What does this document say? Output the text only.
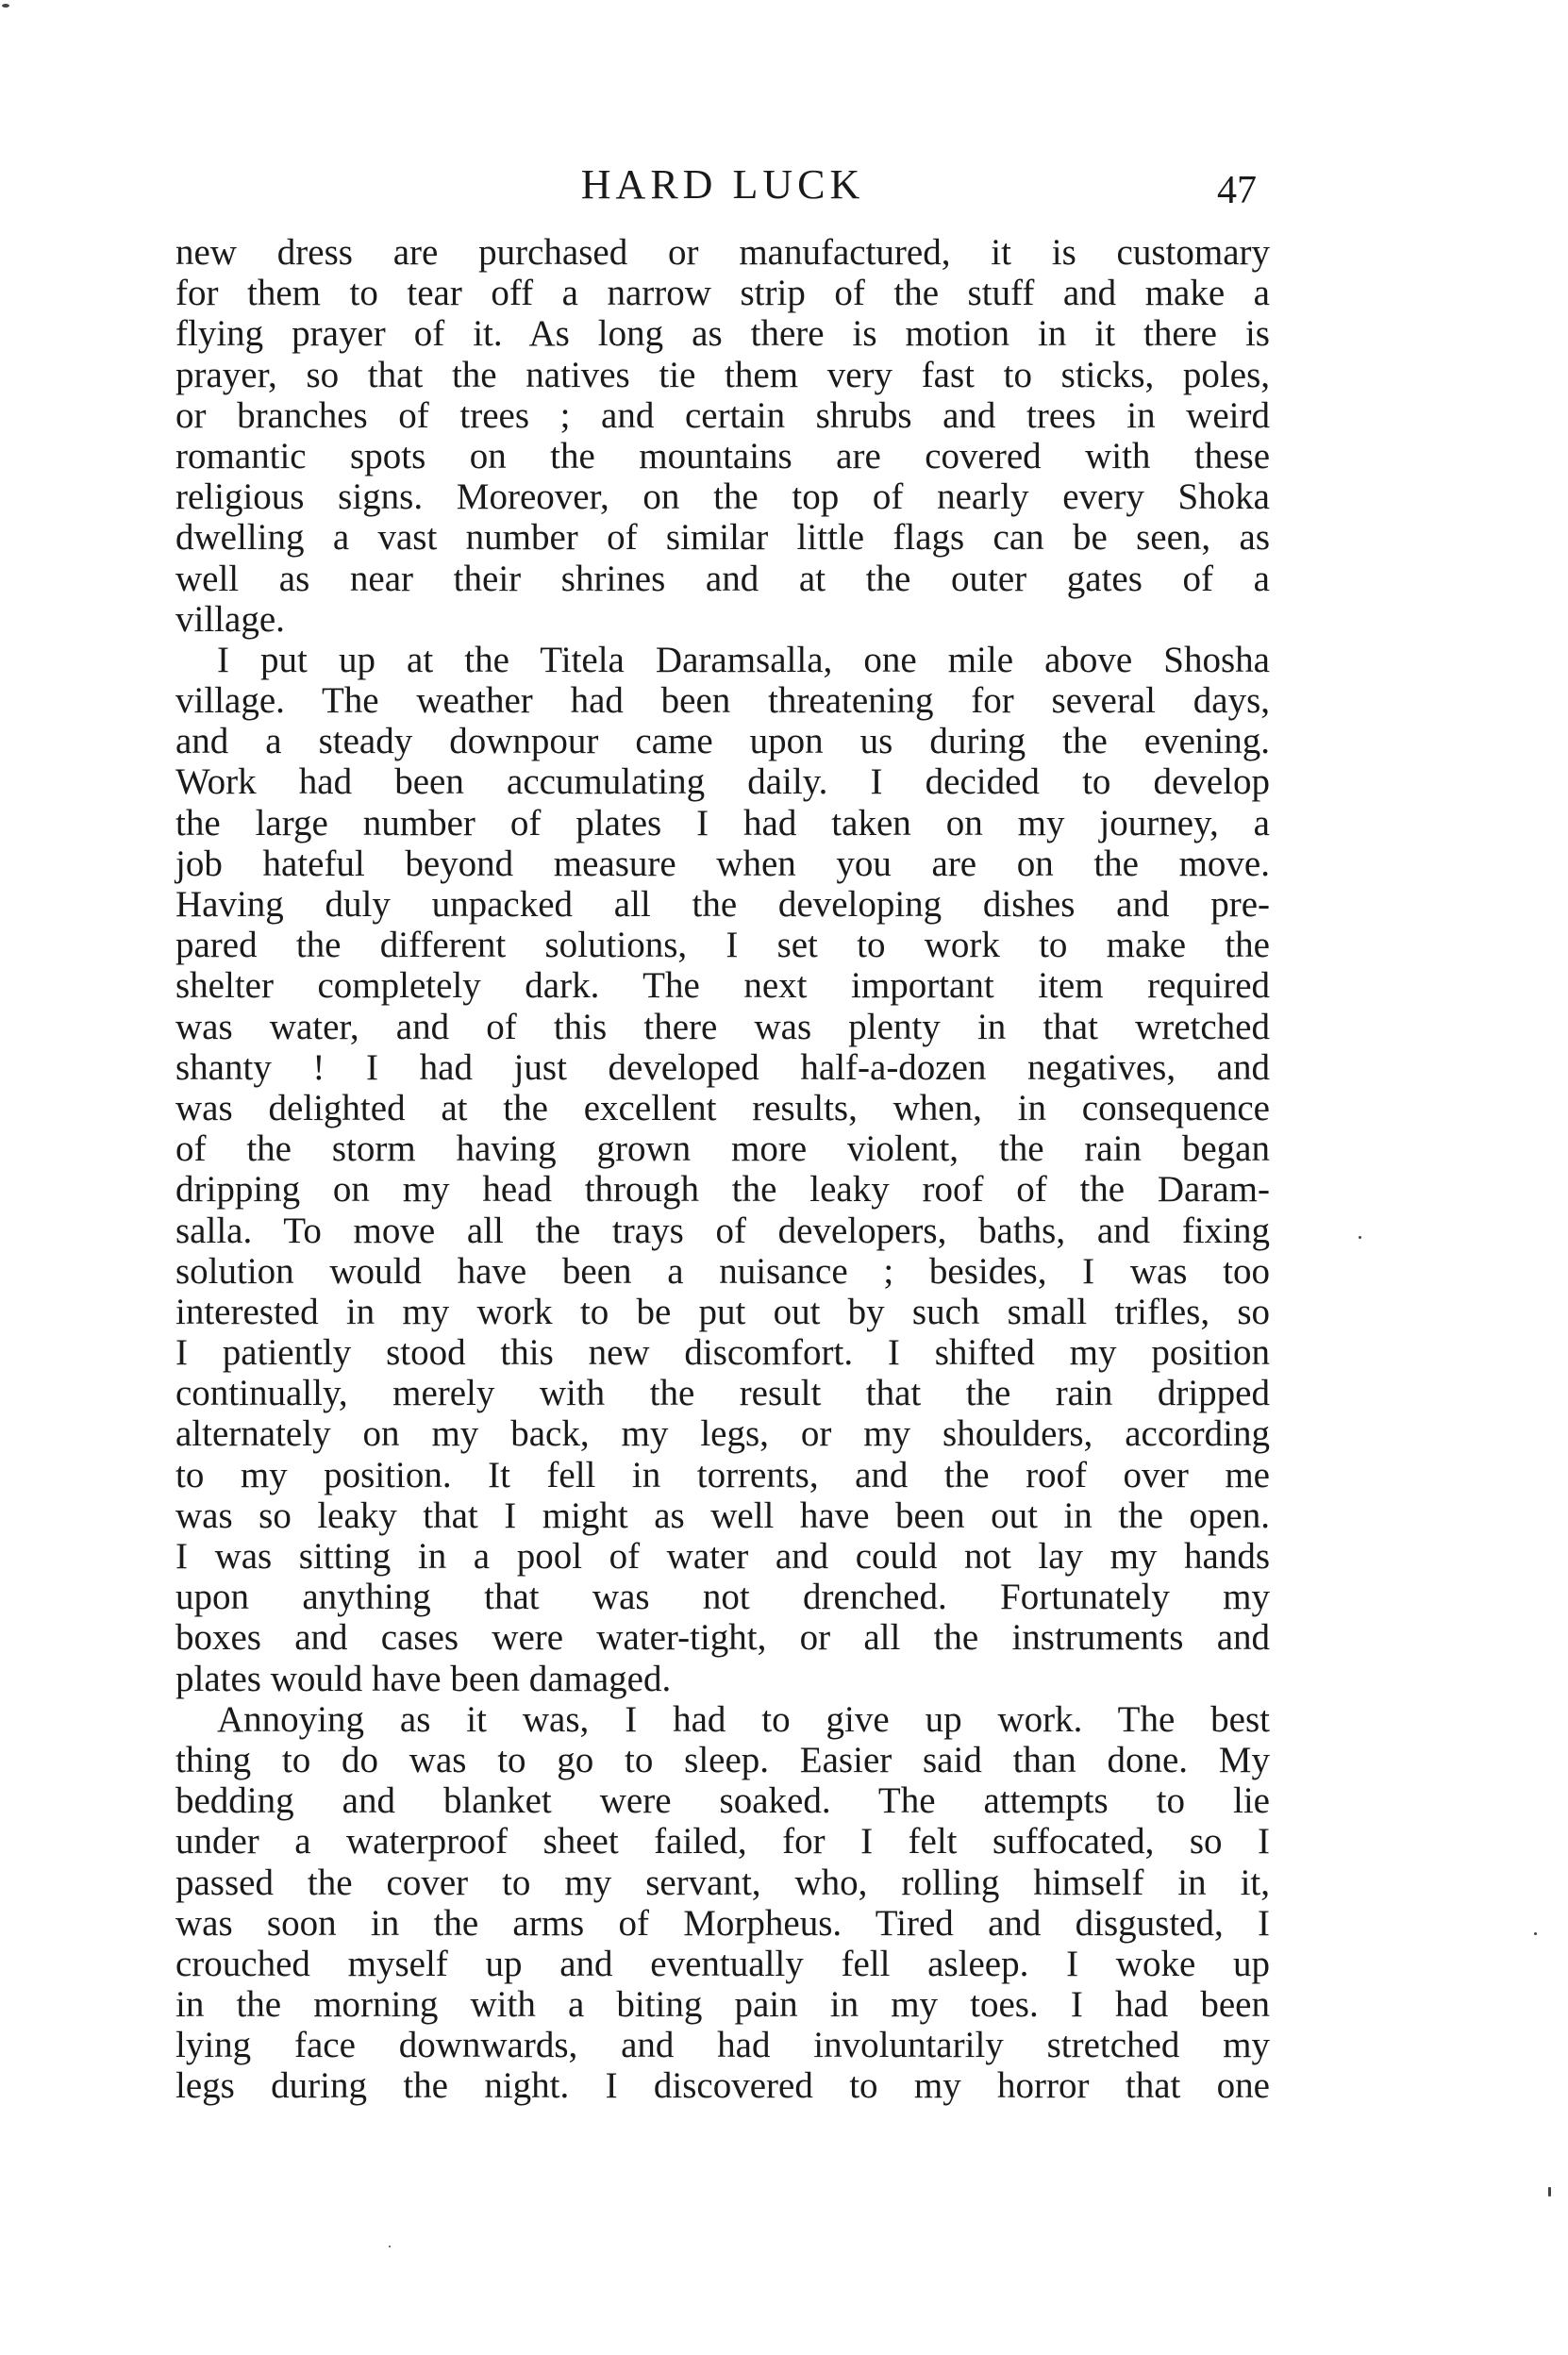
HARD LUCK	47
new dress are purchased or manufactured, it is customary
for them to tear off a narrow strip of the stuff and make a
flying prayer of it. As long as there is motion in it there is
prayer, so that the natives tie them very fast to sticks, poles,
or branches of trees ; and certain shrubs and trees in weird
romantic spots on the mountains are covered with these
religious signs. Moreover, on the top of nearly every Shoka
dwelling a vast number of similar little flags can be seen, as
well as near their shrines and at the outer gates of a
village.
I put up at the Titela Daramsalla, one mile above Shosha
village. The weather had been threatening for several days,
and a steady downpour came upon us during the evening.
Work had been accumulating daily. I decided to develop
the large number of plates I had taken on my journey, a
job hateful beyond measure when you are on the move.
Having duly unpacked all the developing dishes and pre-
pared the different solutions, I set to work to make the
shelter completely dark. The next important item required
was water, and of this there was plenty in that wretched
shanty ! I had just developed half-a-dozen negatives, and
was delighted at the excellent results, when, in consequence
of the storm having grown more violent, the rain began
dripping on my head through the leaky roof of the Daram-
salla. To move all the trays of developers, baths, and fixing
solution would have been a nuisance ; besides, I was too
interested in my work to be put out by such small trifles, so
I patiently stood this new discomfort. I shifted my position
continually, merely with the result that the rain dripped
alternately on my back, my legs, or my shoulders, according
to my position. It fell in torrents, and the roof over me
was so leaky that I might as well have been out in the open.
I was sitting in a pool of water and could not lay my hands
upon anything that was not drenched. Fortunately my
boxes and cases were water-tight, or all the instruments and
plates would have been damaged.
Annoying as it was, I had to give up work. The best
thing to do was to go to sleep. Easier said than done. My
bedding and blanket were soaked. The attempts to lie
under a waterproof sheet failed, for I felt suffocated, so I
passed the cover to my servant, who, rolling himself in it,
was soon in the arms of Morpheus. Tired and disgusted, I
crouched myself up and eventually fell asleep. I woke up
in the morning with a biting pain in my toes. I had been
lying face downwards, and had involuntarily stretched my
legs during the night. I discovered to my horror that one
